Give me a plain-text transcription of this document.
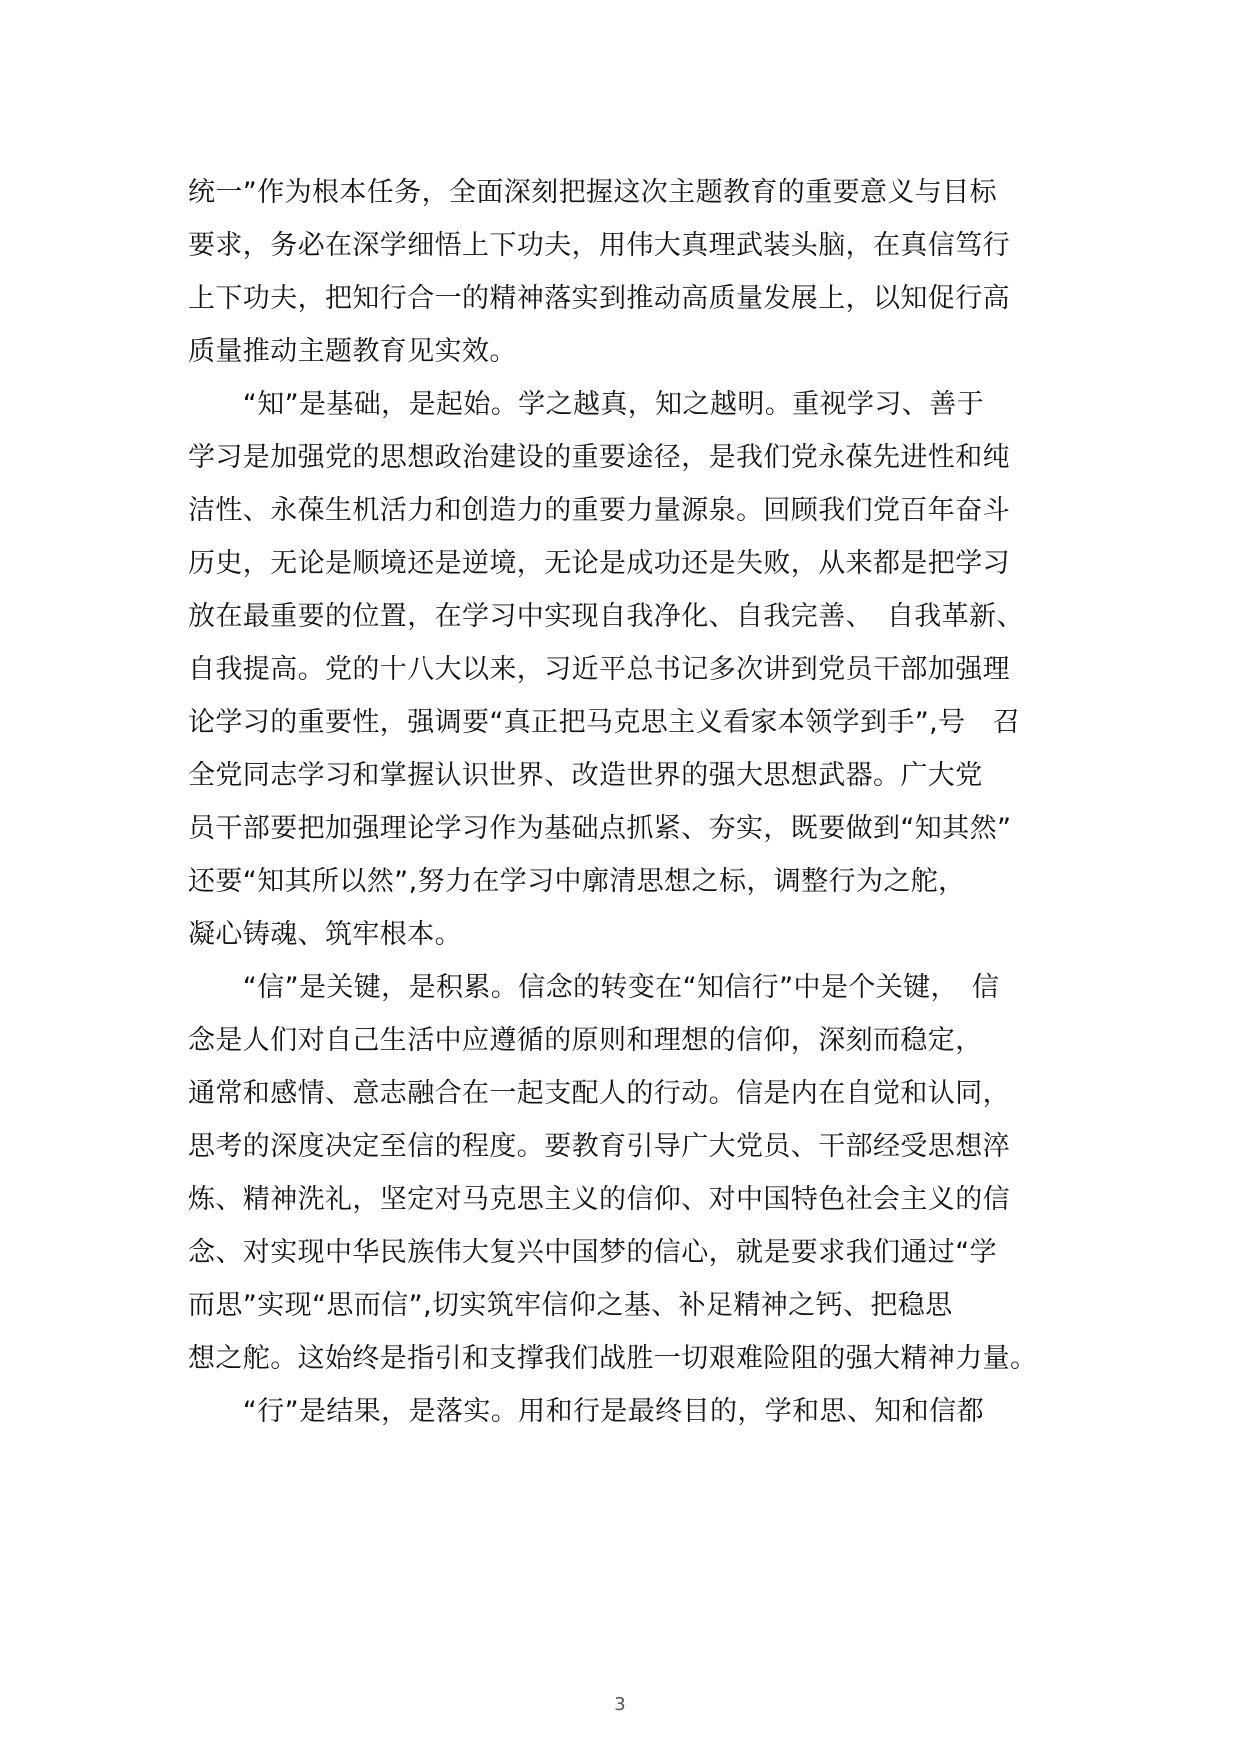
统一”作为根本任务，全面深刻把握这次主题教育的重要意义与目标

要求，务必在深学细悟上下功夫，用伟大真理武装头脑，在真信笃行

上下功夫，把知行合一的精神落实到推动高质量发展上，以知促行高

质量推动主题教育见实效。

　　“知”是基础，是起始。学之越真，知之越明。重视学习、善于

学习是加强党的思想政治建设的重要途径，是我们党永葆先进性和纯

洁性、永葆生机活力和创造力的重要力量源泉。回顾我们党百年奋斗

历史，无论是顺境还是逆境，无论是成功还是失败，从来都是把学习

放在最重要的位置，在学习中实现自我净化、自我完善、　自我革新、

自我提高。党的十八大以来，习近平总书记多次讲到党员干部加强理

论学习的重要性，强调要“真正把马克思主义看家本领学到手”,号　召

全党同志学习和掌握认识世界、改造世界的强大思想武器。广大党

员干部要把加强理论学习作为基础点抓紧、夯实，既要做到“知其然”

还要“知其所以然”,努力在学习中廓清思想之标，调整行为之舵，

凝心铸魂、筑牢根本。

　　“信”是关键，是积累。信念的转变在“知信行”中是个关键，　信

念是人们对自己生活中应遵循的原则和理想的信仰，深刻而稳定，

通常和感情、意志融合在一起支配人的行动。信是内在自觉和认同，

思考的深度决定至信的程度。要教育引导广大党员、干部经受思想淬

炼、精神洗礼，坚定对马克思主义的信仰、对中国特色社会主义的信

念、对实现中华民族伟大复兴中国梦的信心，就是要求我们通过“学

而思”实现“思而信”,切实筑牢信仰之基、补足精神之钙、把稳思

想之舵。这始终是指引和支撑我们战胜一切艰难险阻的强大精神力量。

　　“行”是结果，是落实。用和行是最终目的，学和思、知和信都

3
